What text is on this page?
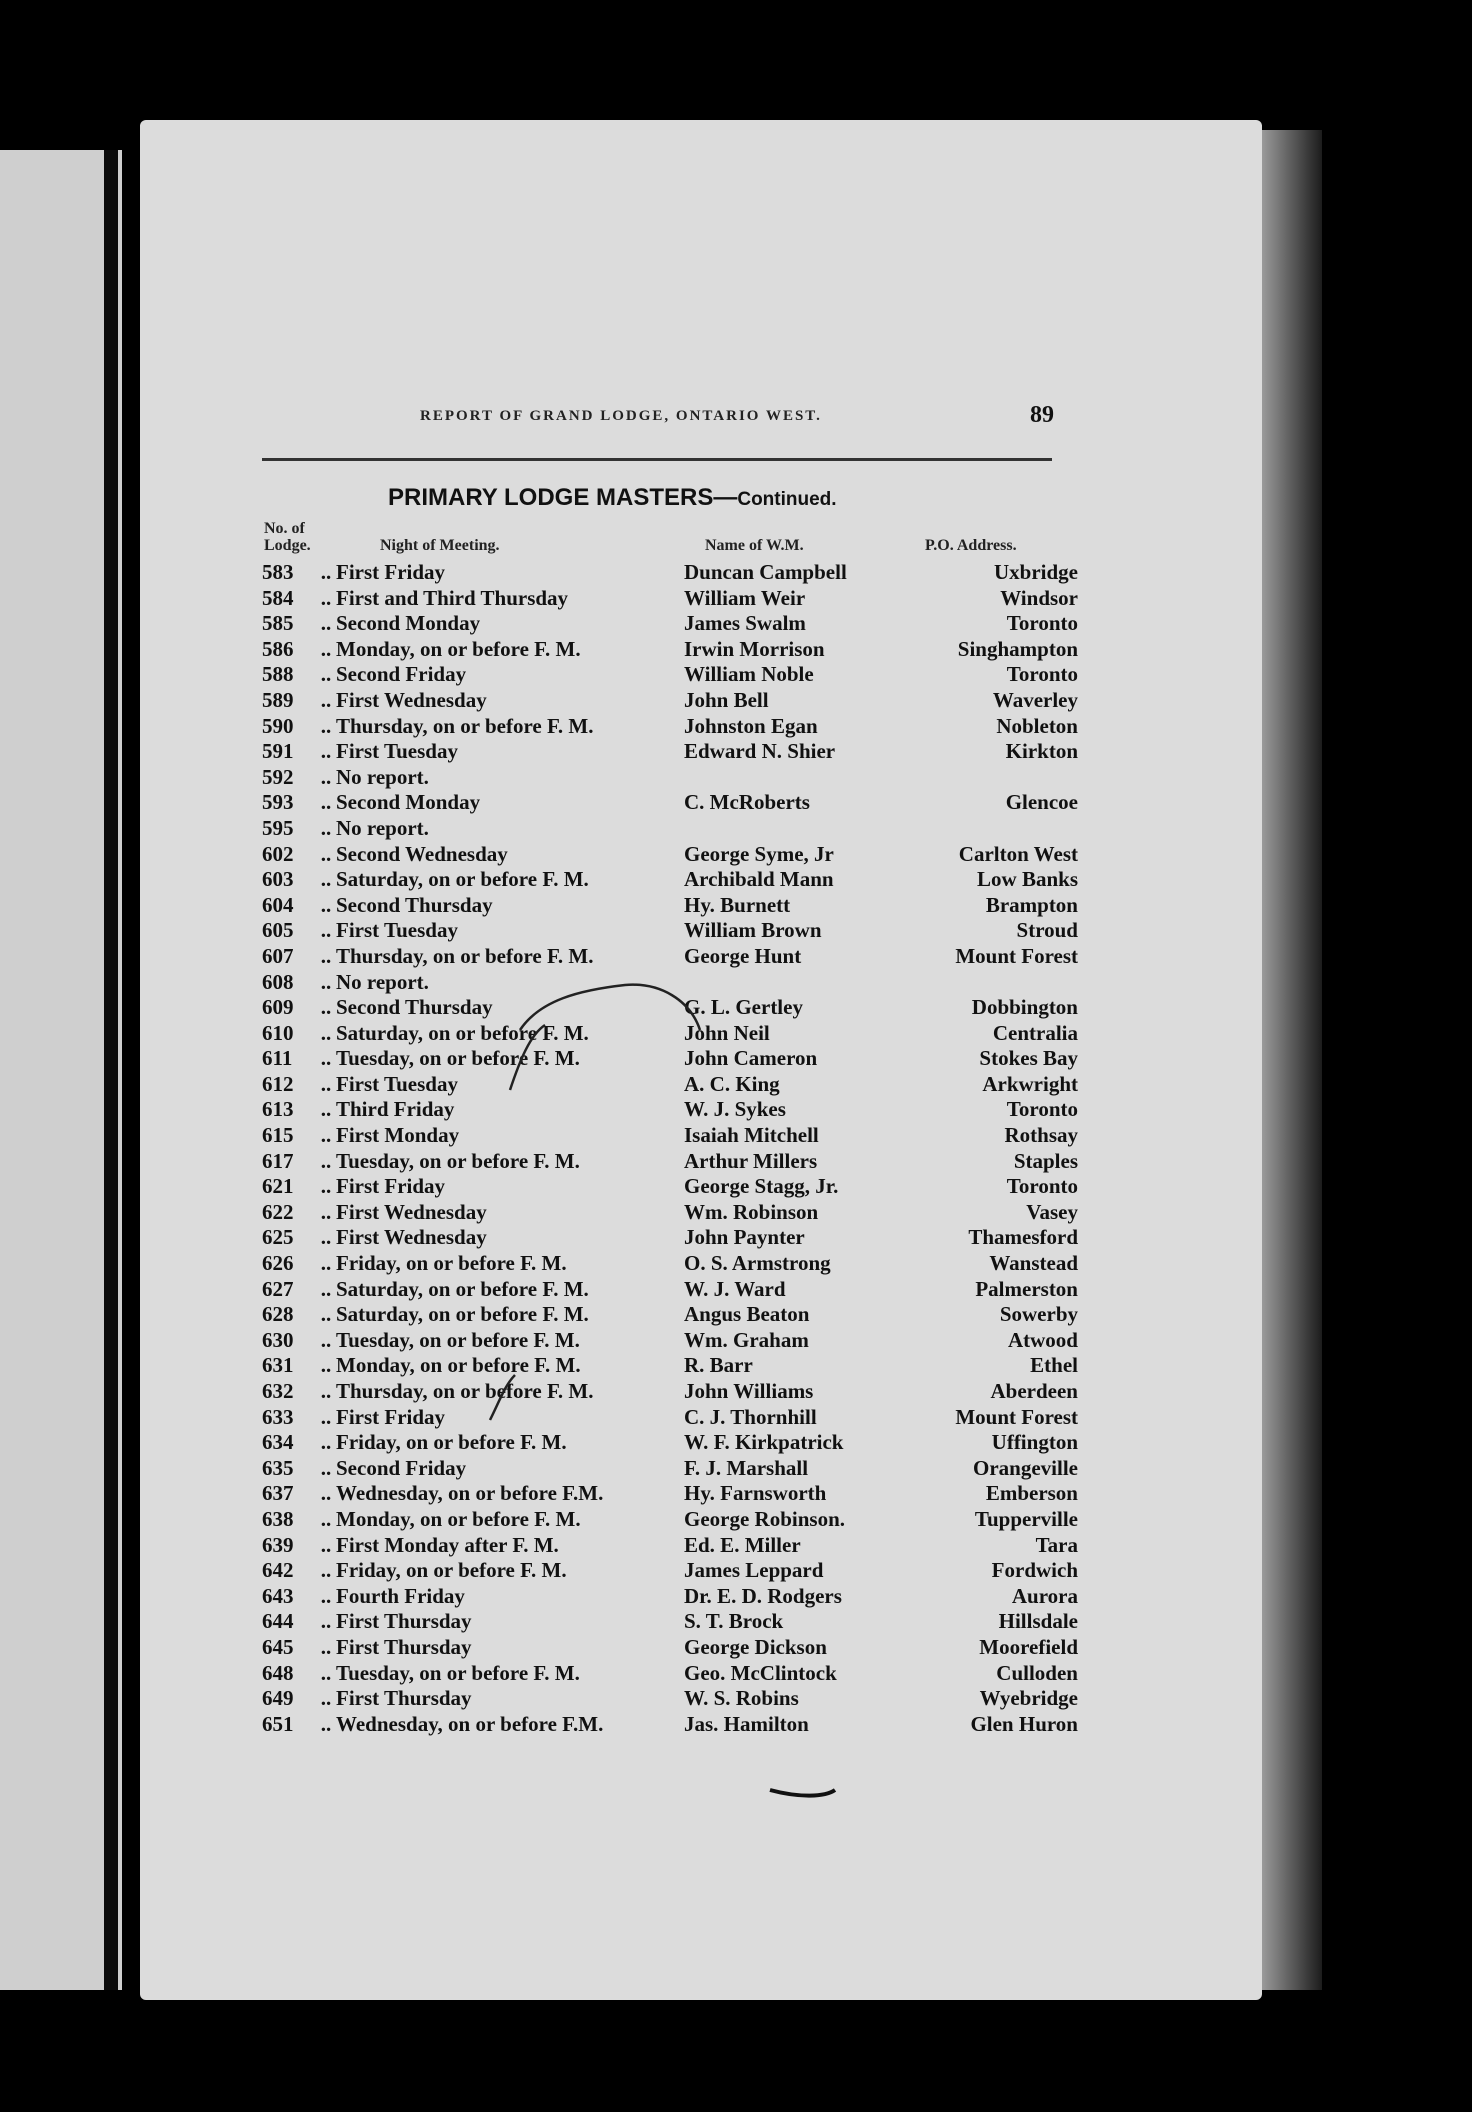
REPORT OF GRAND LODGE, ONTARIO WEST.	89
PRIMARY LODGE MASTERS—Continued.
No. of Lodge.	Night of Meeting.	Name of W.M.	P.O. Address.
583	.. First Friday	Duncan Campbell	Uxbridge
584	.. First and Third Thursday	William Weir	Windsor
585	.. Second Monday	James Swalm	Toronto
586	.. Monday, on or before F. M.	Irwin Morrison	Singhampton
588	.. Second Friday	William Noble	Toronto
589	.. First Wednesday	John Bell	Waverley
590	.. Thursday, on or before F. M.	Johnston Egan	Nobleton
591	.. First Tuesday	Edward N. Shier	Kirkton
592	.. No report.
593	.. Second Monday	C. McRoberts	Glencoe
595	.. No report.
602	.. Second Wednesday	George Syme, Jr	Carlton West
603	.. Saturday, on or before F. M.	Archibald Mann	Low Banks
604	.. Second Thursday	Hy. Burnett	Brampton
605	.. First Tuesday	William Brown	Stroud
607	.. Thursday, on or before F. M.	George Hunt	Mount Forest
608	.. No report.
609	.. Second Thursday	G. L. Gertley	Dobbington
610	.. Saturday, on or before F. M.	John Neil	Centralia
611	.. Tuesday, on or before F. M.	John Cameron	Stokes Bay
612	.. First Tuesday	A. C. King	Arkwright
613	.. Third Friday	W. J. Sykes	Toronto
615	.. First Monday	Isaiah Mitchell	Rothsay
617	.. Tuesday, on or before F. M.	Arthur Millers	Staples
621	.. First Friday	George Stagg, Jr.	Toronto
622	.. First Wednesday	Wm. Robinson	Vasey
625	.. First Wednesday	John Paynter	Thamesford
626	.. Friday, on or before F. M.	O. S. Armstrong	Wanstead
627	.. Saturday, on or before F. M.	W. J. Ward	Palmerston
628	.. Saturday, on or before F. M.	Angus Beaton	Sowerby
630	.. Tuesday, on or before F. M.	Wm. Graham	Atwood
631	.. Monday, on or before F. M.	R. Barr	Ethel
632	.. Thursday, on or before F. M.	John Williams	Aberdeen
633	.. First Friday	C. J. Thornhill	Mount Forest
634	.. Friday, on or before F. M.	W. F. Kirkpatrick	Uffington
635	.. Second Friday	F. J. Marshall	Orangeville
637	.. Wednesday, on or before F.M.	Hy. Farnsworth	Emberson
638	.. Monday, on or before F. M.	George Robinson.	Tupperville
639	.. First Monday after F. M.	Ed. E. Miller	Tara
642	.. Friday, on or before F. M.	James Leppard	Fordwich
643	.. Fourth Friday	Dr. E. D. Rodgers	Aurora
644	.. First Thursday	S. T. Brock	Hillsdale
645	.. First Thursday	George Dickson	Moorefield
648	.. Tuesday, on or before F. M.	Geo. McClintock	Culloden
649	.. First Thursday	W. S. Robins	Wyebridge
651	.. Wednesday, on or before F.M.	Jas. Hamilton	Glen Huron
